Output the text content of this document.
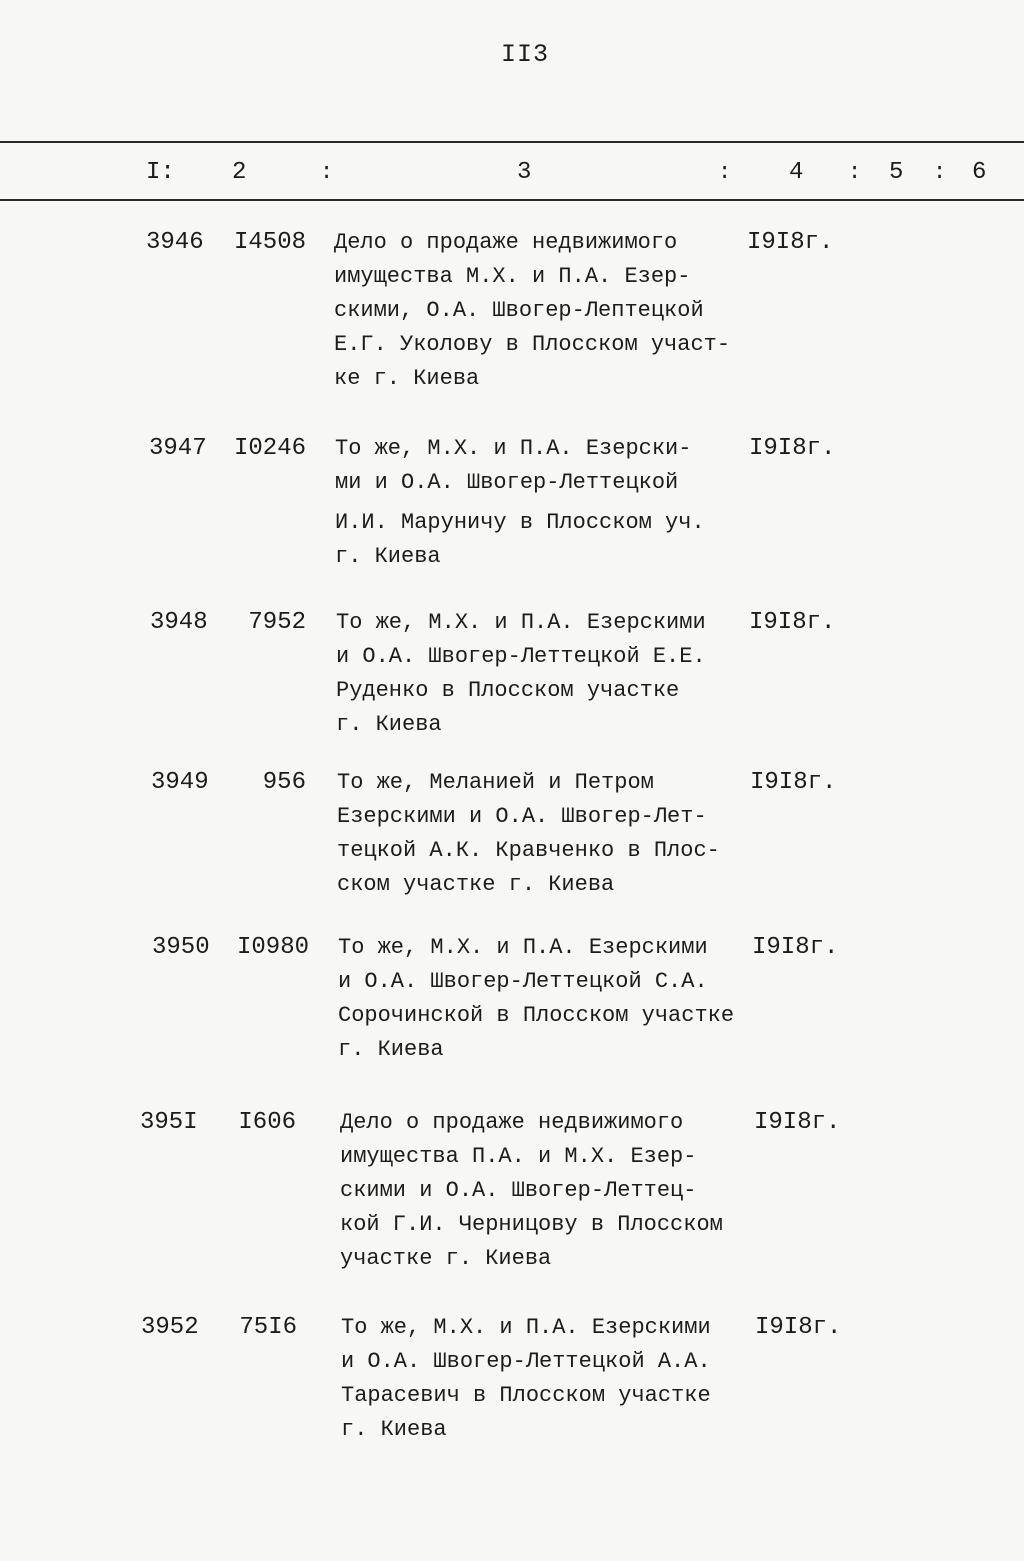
II3
I: 2	:	3	: 4 : 5 : 6
3946	I4508 Дело о продаже недвижимого
имущества М.Х. и П.А. Езер-
скими, О.А. Швогер-Лептецкой
Е.Г. Уколову в Плосском участ-
ке г. Киева
I9I8г.
3947	I0246 То же, М.Х. и П.А. Езерски-
ми и О.А. Швогер-Леттецкой
И.И. Маруничу в Плосском уч.
г. Киева
I9I8г.
3948	7952 То же, М.Х. и П.А. Езерскими
и О.А. Швогер-Леттецкой Е.Е.
Руденко в Плосском участке
г. Киева
I9I8г.
3949	956 То же, Меланией и Петром
Езерскими и О.А. Швогер-Лет-
тецкой А.К. Кравченко в Плос-
ском участке г. Киева
I9I8г.
3950	I0980 То же, М.Х. и П.А. Езерскими
и О.А. Швогер-Леттецкой С.А.
Сорочинской в Плосском участке
г. Киева
I9I8г.
395I	I606 Дело о продаже недвижимого
имущества П.А. и М.Х. Езер-
скими и О.А. Швогер-Леттец-
кой Г.И. Черницову в Плосском
участке г. Киева
I9I8г.
3952	75I6 То же, М.Х. и П.А. Езерскими
и О.А. Швогер-Леттецкой А.А.
Тарасевич в Плосском участке
г. Киева
I9I8г.
